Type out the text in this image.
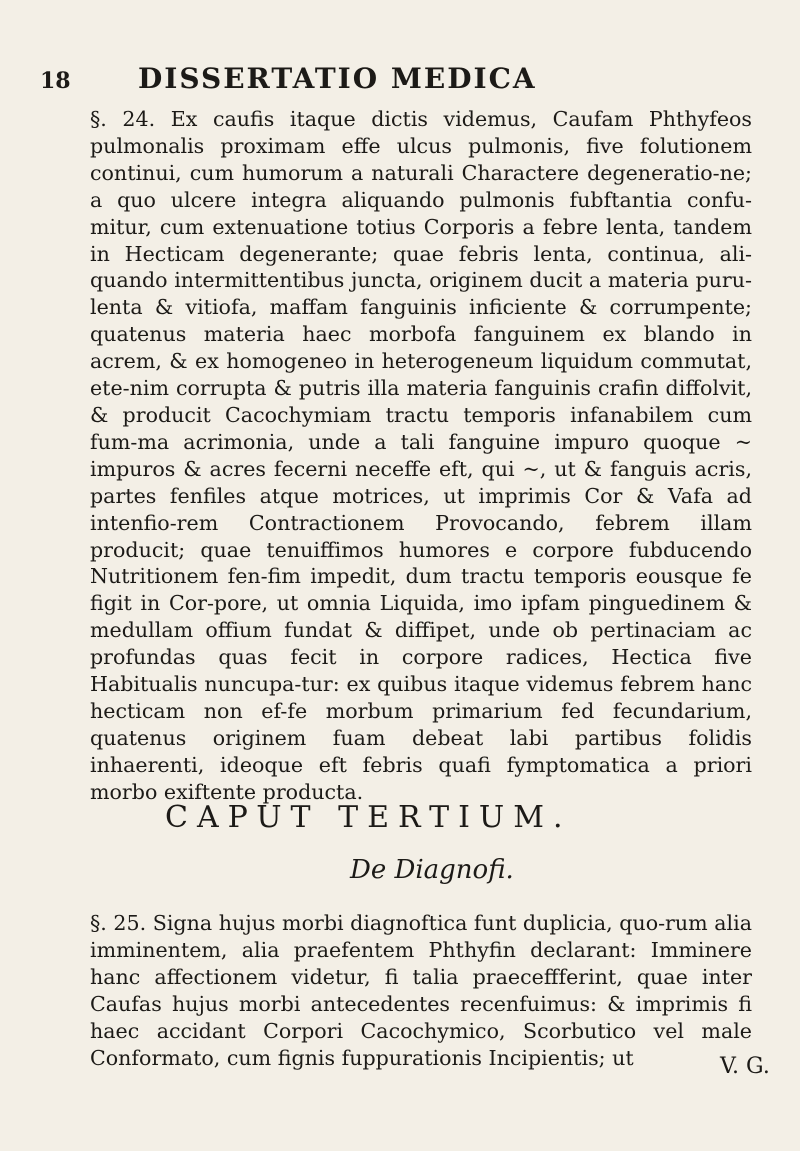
18 DISSERTATIO MEDICA
§. 24. Ex caufis itaque dictis videmus, Caufam Phthyfeos pulmonalis proximam effe ulcus pulmonis, five folutionem continui, cum humorum a naturali Charactere degeneratio-ne; a quo ulcere integra aliquando pulmonis fubftantia confu-mitur, cum extenuatione totius Corporis a febre lenta, tandem in Hecticam degenerante; quae febris lenta, continua, ali-quando intermittentibus juncta, originem ducit a materia puru-lenta & vitiofa, maffam fanguinis inficiente & corrumpente; quatenus materia haec morbofa fanguinem ex blando in acrem, & ex homogeneo in heterogeneum liquidum commutat, ete-nim corrupta & putris illa materia fanguinis crafin diffolvit, & producit Cacochymiam tractu temporis infanabilem cum fum-ma acrimonia, unde a tali fanguine impuro quoque ~ impuros & acres fecerni neceffe eft, qui ~, ut & fanguis acris, partes fenfiles atque motrices, ut imprimis Cor & Vafa ad intenfio-rem Contractionem Provocando, febrem illam producit; quae tenuiffimos humores e corpore fubducendo Nutritionem fen-fim impedit, dum tractu temporis eousque fe figit in Cor-pore, ut omnia Liquida, imo ipfam pinguedinem & medullam offium fundat & diffipet, unde ob pertinaciam ac profundas quas fecit in corpore radices, Hectica five Habitualis nuncupa-tur: ex quibus itaque videmus febrem hanc hecticam non ef-fe morbum primarium fed fecundarium, quatenus originem fuam debeat labi partibus folidis inhaerenti, ideoque eft febris quafi fymptomatica a priori morbo exiftente producta.
CAPUT TERTIUM.
De Diagnofi.
§. 25. Signa hujus morbi diagnoftica funt duplicia, quo-rum alia imminentem, alia praefentem Phthyfin declarant: Imminere hanc affectionem videtur, fi talia praeceffferint, quae inter Caufas hujus morbi antecedentes recenfuimus: & imprimis fi haec accidant Corpori Cacochymico, Scorbutico vel male Conformato, cum fignis fuppurationis Incipientis; ut	V. G.
